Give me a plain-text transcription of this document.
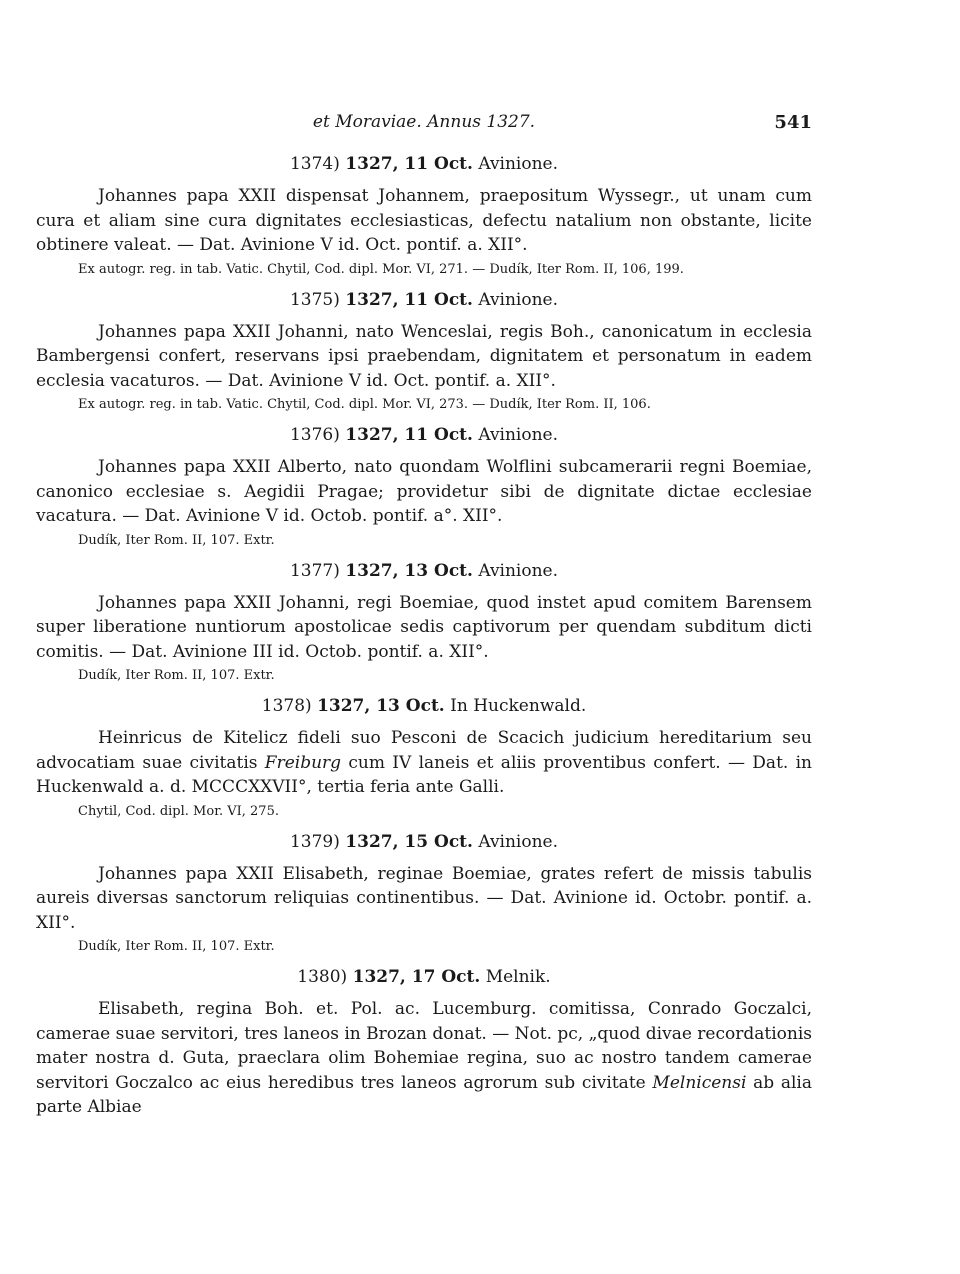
et Moraviae. Annus 1327.	541
1374) 1327, 11 Oct. Avinione.

Johannes papa XXII dispensat Johannem, praepositum Wyssegr., ut unam cum cura et aliam sine cura dignitates ecclesiasticas, defectu natalium non obstante, licite obtinere valeat. — Dat. Avinione V id. Oct. pontif. a. XII°.

Ex autogr. reg. in tab. Vatic. Chytil, Cod. dipl. Mor. VI, 271. — Dudík, Iter Rom. II, 106, 199.
1375) 1327, 11 Oct. Avinione.

Johannes papa XXII Johanni, nato Wenceslai, regis Boh., canonicatum in ecclesia Bambergensi confert, reservans ipsi praebendam, dignitatem et personatum in eadem ecclesia vacaturos. — Dat. Avinione V id. Oct. pontif. a. XII°.

Ex autogr. reg. in tab. Vatic. Chytil, Cod. dipl. Mor. VI, 273. — Dudík, Iter Rom. II, 106.
1376) 1327, 11 Oct. Avinione.

Johannes papa XXII Alberto, nato quondam Wolflini subcamerarii regni Boemiae, canonico ecclesiae s. Aegidii Pragae; providetur sibi de dignitate dictae ecclesiae vacatura. — Dat. Avinione V id. Octob. pontif. a°. XII°.

Dudík, Iter Rom. II, 107. Extr.
1377) 1327, 13 Oct. Avinione.

Johannes papa XXII Johanni, regi Boemiae, quod instet apud comitem Barensem super liberatione nuntiorum apostolicae sedis captivorum per quendam subditum dicti comitis. — Dat. Avinione III id. Octob. pontif. a. XII°.

Dudík, Iter Rom. II, 107. Extr.
1378) 1327, 13 Oct. In Huckenwald.

Heinricus de Kitelicz fideli suo Pesconi de Scacich judicium hereditarium seu advocatiam suae civitatis Freiburg cum IV laneis et aliis proventibus confert. — Dat. in Huckenwald a. d. MCCCXXVII°, tertia feria ante Galli.

Chytil, Cod. dipl. Mor. VI, 275.
1379) 1327, 15 Oct. Avinione.

Johannes papa XXII Elisabeth, reginae Boemiae, grates refert de missis tabulis aureis diversas sanctorum reliquias continentibus. — Dat. Avinione id. Octobr. pontif. a. XII°.

Dudík, Iter Rom. II, 107. Extr.
1380) 1327, 17 Oct. Melnik.

Elisabeth, regina Boh. et. Pol. ac. Lucemburg. comitissa, Conrado Goczalci, camerae suae servitori, tres laneos in Brozan donat. — Not. pc, „quod divae recordationis mater nostra d. Guta, praeclara olim Bohemiae regina, suo ac nostro tandem camerae servitori Goczalco ac eius heredibus tres laneos agrorum sub civitate Melnicensi ab alia parte Albiae
